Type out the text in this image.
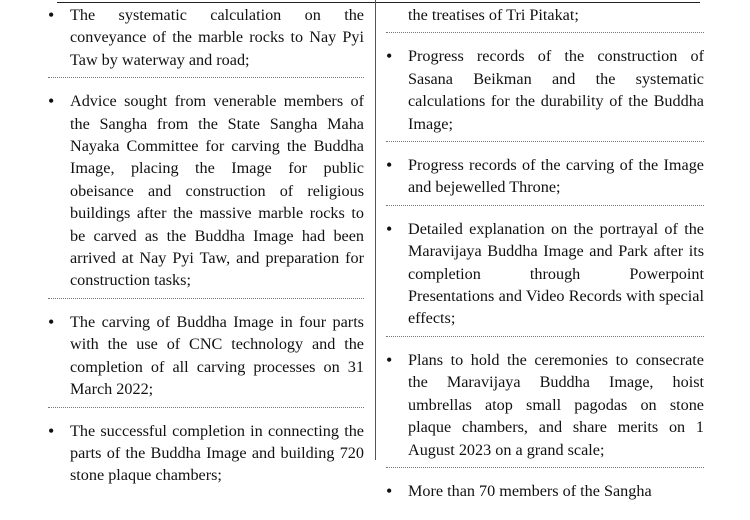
• The systematic calculation on the conveyance of the marble rocks to Nay Pyi Taw by waterway and road;
• Advice sought from venerable members of the Sangha from the State Sangha Maha Nayaka Committee for carving the Buddha Image, placing the Image for public obeisance and construction of religious buildings after the massive marble rocks to be carved as the Buddha Image had been arrived at Nay Pyi Taw, and preparation for construction tasks;
• The carving of Buddha Image in four parts with the use of CNC technology and the completion of all carving processes on 31 March 2022;
• The successful completion in connecting the parts of the Buddha Image and building 720 stone plaque chambers;
the treatises of Tri Pitakat;
• Progress records of the construction of Sasana Beikman and the systematic calculations for the durability of the Buddha Image;
• Progress records of the carving of the Image and bejewelled Throne;
• Detailed explanation on the portrayal of the Maravijaya Buddha Image and Park after its completion through Powerpoint Presentations and Video Records with special effects;
• Plans to hold the ceremonies to consecrate the Maravijaya Buddha Image, hoist umbrellas atop small pagodas on stone plaque chambers, and share merits on 1 August 2023 on a grand scale;
• More than 70 members of the Sangha
